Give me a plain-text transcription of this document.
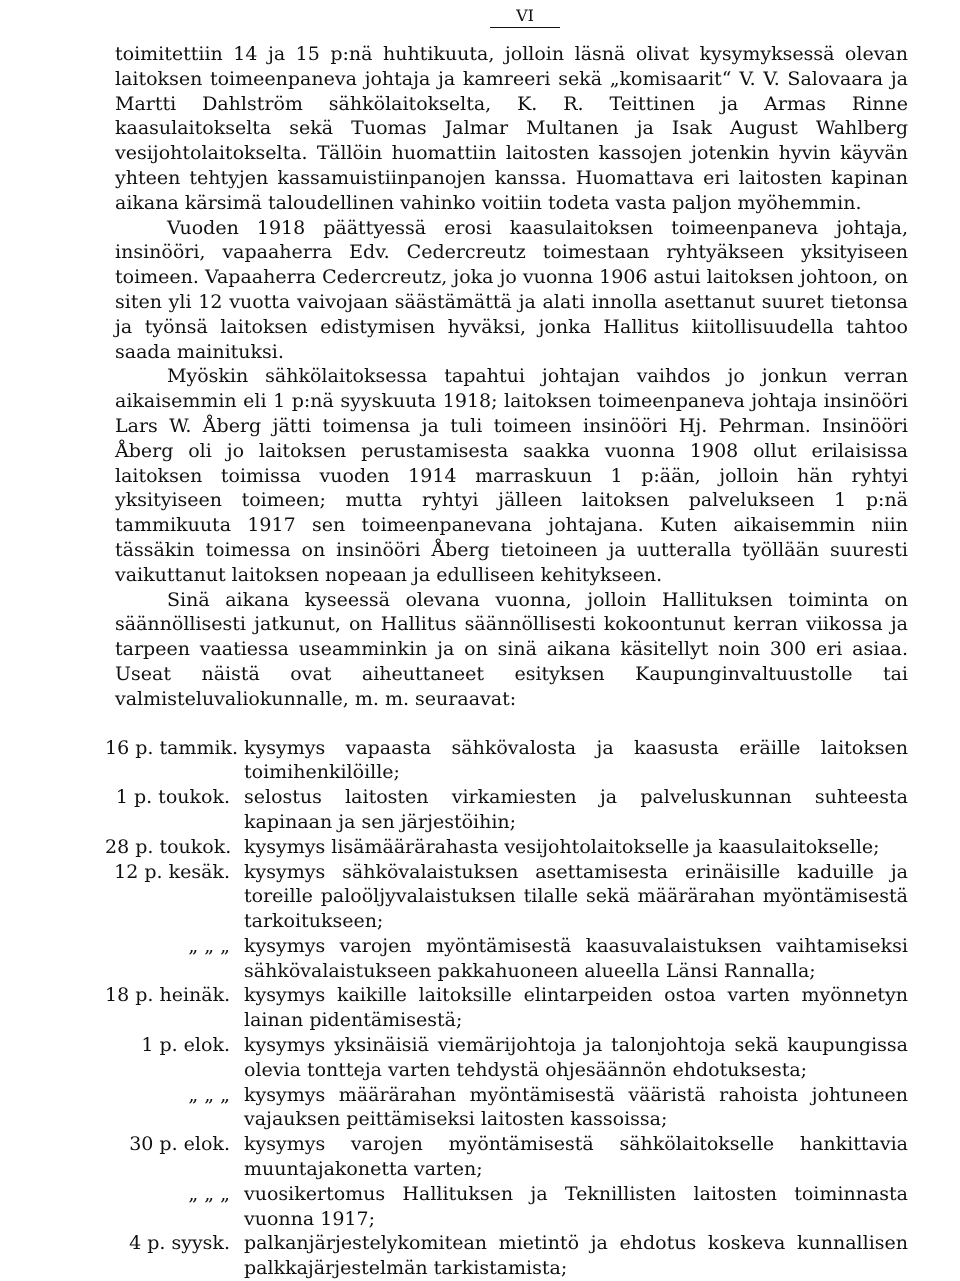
VI

toimitettiin 14 ja 15 p:nä huhtikuuta, jolloin läsnä olivat kysymyksessä olevan laitoksen toimeenpaneva johtaja ja kamreeri sekä „komisaarit“ V. V. Salovaara ja Martti Dahlström sähkölaitokselta, K. R. Teittinen ja Armas Rinne kaasulaitokselta sekä Tuomas Jalmar Multanen ja Isak August Wahlberg vesijohtolaitokselta. Tällöin huomattiin laitosten kassojen jotenkin hyvin käyvän yhteen tehtyjen kassamuistiinpanojen kanssa. Huomattava eri laitosten kapinan aikana kärsimä taloudellinen vahinko voitiin todeta vasta paljon myöhemmin.

Vuoden 1918 päättyessä erosi kaasulaitoksen toimeenpaneva johtaja, insinööri, vapaaherra Edv. Cedercreutz toimestaan ryhtyäkseen yksityiseen toimeen. Vapaaherra Cedercreutz, joka jo vuonna 1906 astui laitoksen johtoon, on siten yli 12 vuotta vaivojaan säästämättä ja alati innolla asettanut suuret tietonsa ja työnsä laitoksen edistymisen hyväksi, jonka Hallitus kiitollisuudella tahtoo saada mainituksi.

Myöskin sähkölaitoksessa tapahtui johtajan vaihdos jo jonkun verran aikaisemmin eli 1 p:nä syyskuuta 1918; laitoksen toimeenpaneva johtaja insinööri Lars W. Åberg jätti toimensa ja tuli toimeen insinööri Hj. Pehrman. Insinööri Åberg oli jo laitoksen perustamisesta saakka vuonna 1908 ollut erilaisissa laitoksen toimissa vuoden 1914 marraskuun 1 p:ään, jolloin hän ryhtyi yksityiseen toimeen; mutta ryhtyi jälleen laitoksen palvelukseen 1 p:nä tammikuuta 1917 sen toimeenpanevana johtajana. Kuten aikaisemmin niin tässäkin toimessa on insinööri Åberg tietoineen ja uutteralla työllään suuresti vaikuttanut laitoksen nopeaan ja edulliseen kehitykseen.

Sinä aikana kyseessä olevana vuonna, jolloin Hallituksen toiminta on säännöllisesti jatkunut, on Hallitus säännöllisesti kokoontunut kerran viikossa ja tarpeen vaatiessa useamminkin ja on sinä aikana käsitellyt noin 300 eri asiaa. Useat näistä ovat aiheuttaneet esityksen Kaupunginvaltuustolle tai valmisteluvaliokunnalle, m. m. seuraavat:

16 p. tammik. kysymys vapaasta sähkövalosta ja kaasusta eräille laitoksen toimihenkilöille;
1 p. toukok. selostus laitosten virkamiesten ja palveluskunnan suhteesta kapinaan ja sen järjestöihin;
28 p. toukok. kysymys lisämäärärahasta vesijohtolaitokselle ja kaasulaitokselle;
12 p. kesäk. kysymys sähkövalaistuksen asettamisesta erinäisille kaduille ja toreille paloöljyvalaistuksen tilalle sekä määrärahan myöntämisestä tarkoitukseen;
„ „ „ kysymys varojen myöntämisestä kaasuvalaistuksen vaihtamiseksi sähkövalaistukseen pakkahuoneen alueella Länsi Rannalla;
18 p. heinäk. kysymys kaikille laitoksille elintarpeiden ostoa varten myönnetyn lainan pidentämisestä;
1 p. elok. kysymys yksinäisiä viemärijohtoja ja talonjohtoja sekä kaupungissa olevia tontteja varten tehdystä ohjesäännön ehdotuksesta;
„ „ „ kysymys määrärahan myöntämisestä vääristä rahoista johtuneen vajauksen peittämiseksi laitosten kassoissa;
30 p. elok. kysymys varojen myöntämisestä sähkölaitokselle hankittavia muuntajakonetta varten;
„ „ „ vuosikertomus Hallituksen ja Teknillisten laitosten toiminnasta vuonna 1917;
4 p. syysk. palkanjärjestelykomitean mietintö ja ehdotus koskeva kunnallisen palkkajärjestelmän tarkistamista;
